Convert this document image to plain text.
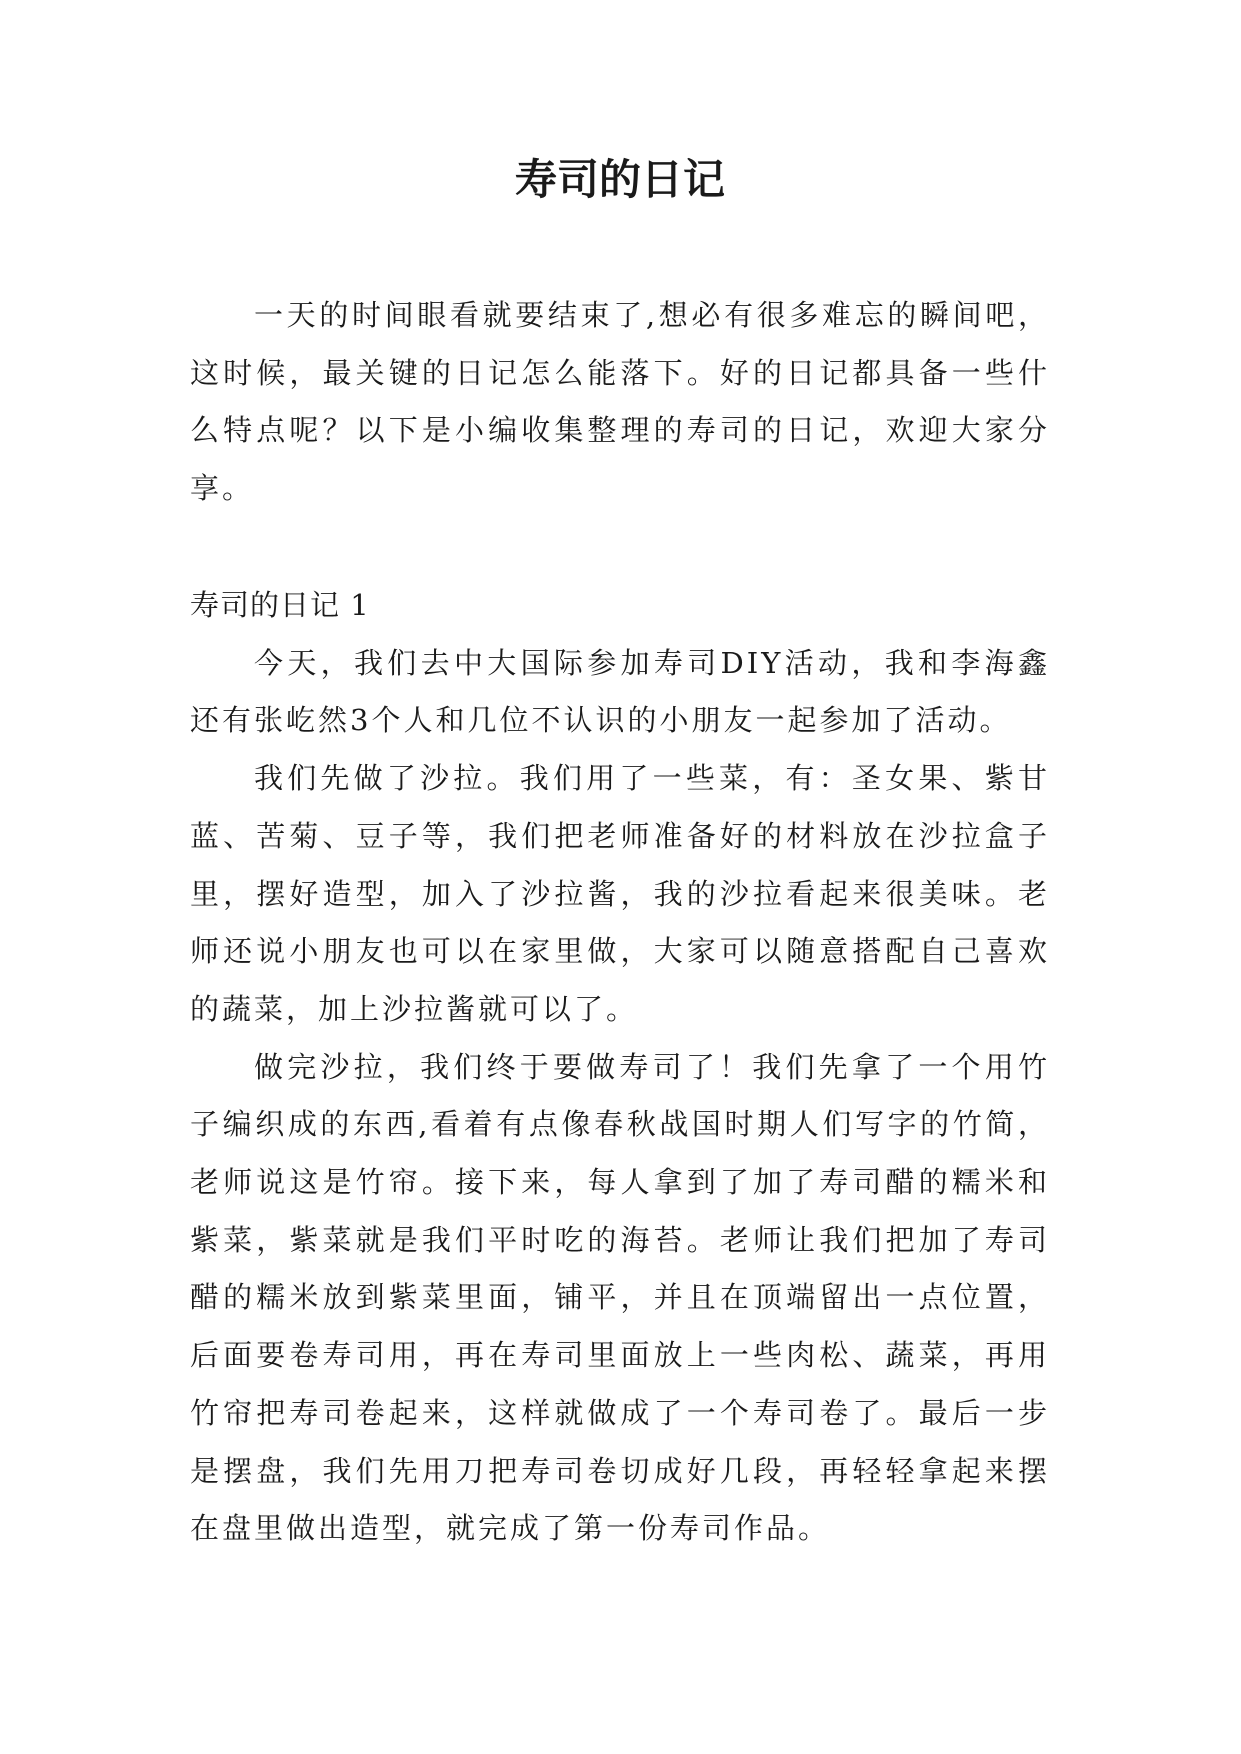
寿司的日记

一天的时间眼看就要结束了,想必有很多难忘的瞬间吧，这时候，最关键的日记怎么能落下。好的日记都具备一些什么特点呢？以下是小编收集整理的寿司的日记，欢迎大家分享。

寿司的日记 1

今天，我们去中大国际参加寿司DIY活动，我和李海鑫还有张屹然3个人和几位不认识的小朋友一起参加了活动。

我们先做了沙拉。我们用了一些菜，有：圣女果、紫甘蓝、苦菊、豆子等，我们把老师准备好的材料放在沙拉盒子里，摆好造型，加入了沙拉酱，我的沙拉看起来很美味。老师还说小朋友也可以在家里做，大家可以随意搭配自己喜欢的蔬菜，加上沙拉酱就可以了。

做完沙拉，我们终于要做寿司了！我们先拿了一个用竹子编织成的东西,看着有点像春秋战国时期人们写字的竹简，老师说这是竹帘。接下来，每人拿到了加了寿司醋的糯米和紫菜，紫菜就是我们平时吃的海苔。老师让我们把加了寿司醋的糯米放到紫菜里面，铺平，并且在顶端留出一点位置，后面要卷寿司用，再在寿司里面放上一些肉松、蔬菜，再用竹帘把寿司卷起来，这样就做成了一个寿司卷了。最后一步是摆盘，我们先用刀把寿司卷切成好几段，再轻轻拿起来摆在盘里做出造型，就完成了第一份寿司作品。
